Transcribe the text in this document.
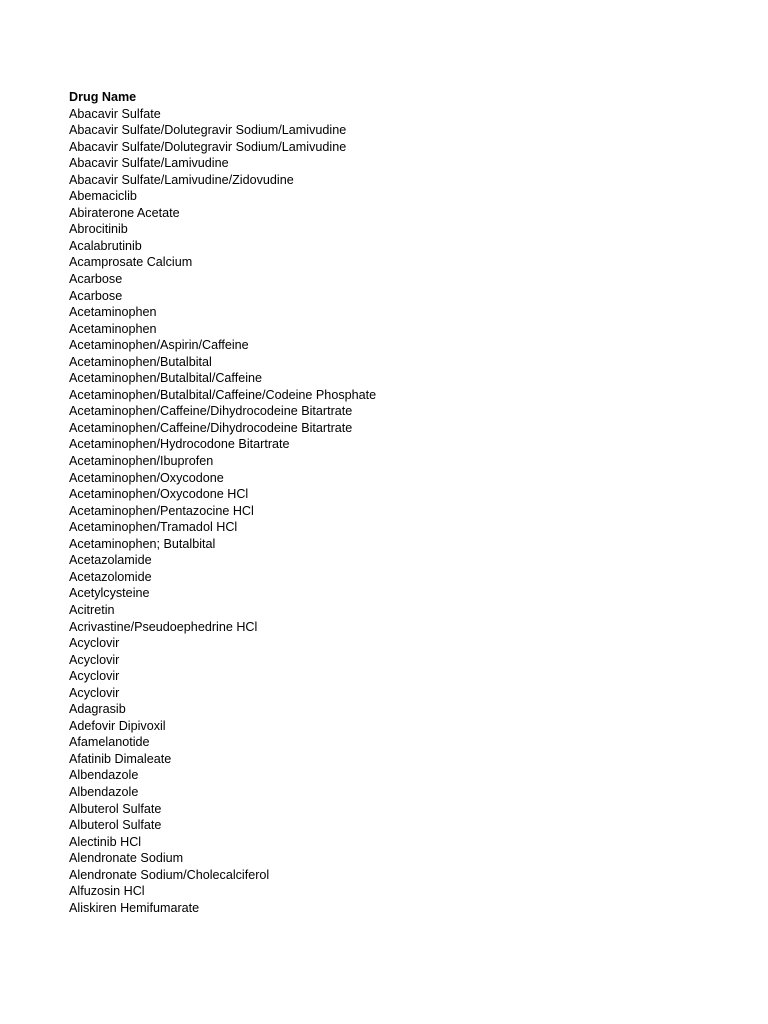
Drug Name
Abacavir Sulfate
Abacavir Sulfate/Dolutegravir Sodium/Lamivudine
Abacavir Sulfate/Dolutegravir Sodium/Lamivudine
Abacavir Sulfate/Lamivudine
Abacavir Sulfate/Lamivudine/Zidovudine
Abemaciclib
Abiraterone Acetate
Abrocitinib
Acalabrutinib
Acamprosate Calcium
Acarbose
Acarbose
Acetaminophen
Acetaminophen
Acetaminophen/Aspirin/Caffeine
Acetaminophen/Butalbital
Acetaminophen/Butalbital/Caffeine
Acetaminophen/Butalbital/Caffeine/Codeine Phosphate
Acetaminophen/Caffeine/Dihydrocodeine Bitartrate
Acetaminophen/Caffeine/Dihydrocodeine Bitartrate
Acetaminophen/Hydrocodone Bitartrate
Acetaminophen/Ibuprofen
Acetaminophen/Oxycodone
Acetaminophen/Oxycodone HCl
Acetaminophen/Pentazocine HCl
Acetaminophen/Tramadol HCl
Acetaminophen; Butalbital
Acetazolamide
Acetazolomide
Acetylcysteine
Acitretin
Acrivastine/Pseudoephedrine HCl
Acyclovir
Acyclovir
Acyclovir
Acyclovir
Adagrasib
Adefovir Dipivoxil
Afamelanotide
Afatinib Dimaleate
Albendazole
Albendazole
Albuterol Sulfate
Albuterol Sulfate
Alectinib HCl
Alendronate Sodium
Alendronate Sodium/Cholecalciferol
Alfuzosin HCl
Aliskiren Hemifumarate
